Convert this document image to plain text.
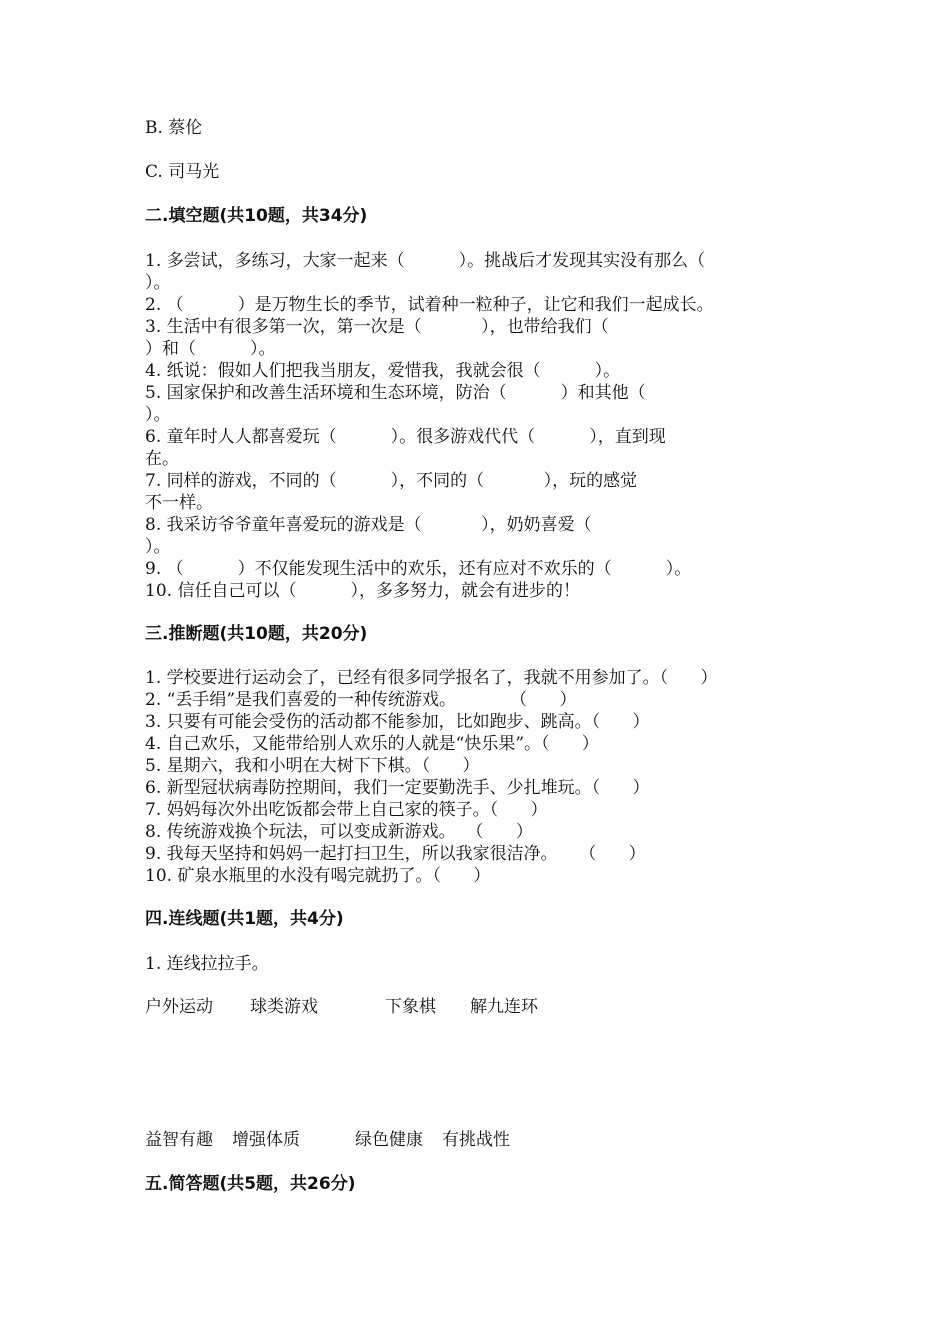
B. 蔡伦
C. 司马光
二.填空题(共10题，共34分)
1. 多尝试，多练习，大家一起来（          ）。挑战后才发现其实没有那么（
）。
2. （          ）是万物生长的季节，试着种一粒种子，让它和我们一起成长。
3. 生活中有很多第一次，第一次是（           ），也带给我们（
）和（          ）。
4. 纸说：假如人们把我当朋友，爱惜我，我就会很（          ）。
5. 国家保护和改善生活环境和生态环境，防治（          ）和其他（
）。
6. 童年时人人都喜爱玩（          ）。很多游戏代代（          ），直到现
在。
7. 同样的游戏，不同的（          ），不同的（           ），玩的感觉
不一样。
8. 我采访爷爷童年喜爱玩的游戏是（           ），奶奶喜爱（
）。
9. （          ）不仅能发现生活中的欢乐，还有应对不欢乐的（          ）。
10. 信任自己可以（          ），多多努力，就会有进步的！
三.推断题(共10题，共20分)
1. 学校要进行运动会了，已经有很多同学报名了，我就不用参加了。（      ）
2. “丢手绢”是我们喜爱的一种传统游戏。          （      ）
3. 只要有可能会受伤的活动都不能参加，比如跑步、跳高。（      ）
4. 自己欢乐，又能带给别人欢乐的人就是“快乐果”。（      ）
5. 星期六，我和小明在大树下下棋。（      ）
6. 新型冠状病毒防控期间，我们一定要勤洗手、少扎堆玩。（      ）
7. 妈妈每次外出吃饭都会带上自己家的筷子。（      ）
8. 传统游戏换个玩法，可以变成新游戏。  （      ）
9. 我每天坚持和妈妈一起打扫卫生，所以我家很洁净。    （      ）
10. 矿泉水瓶里的水没有喝完就扔了。（      ）
四.连线题(共1题，共4分)
1. 连线拉拉手。
户外运动 球类游戏	下象棋 解九连环
益智有趣 增强体质	绿色健康 有挑战性
五.简答题(共5题，共26分)
